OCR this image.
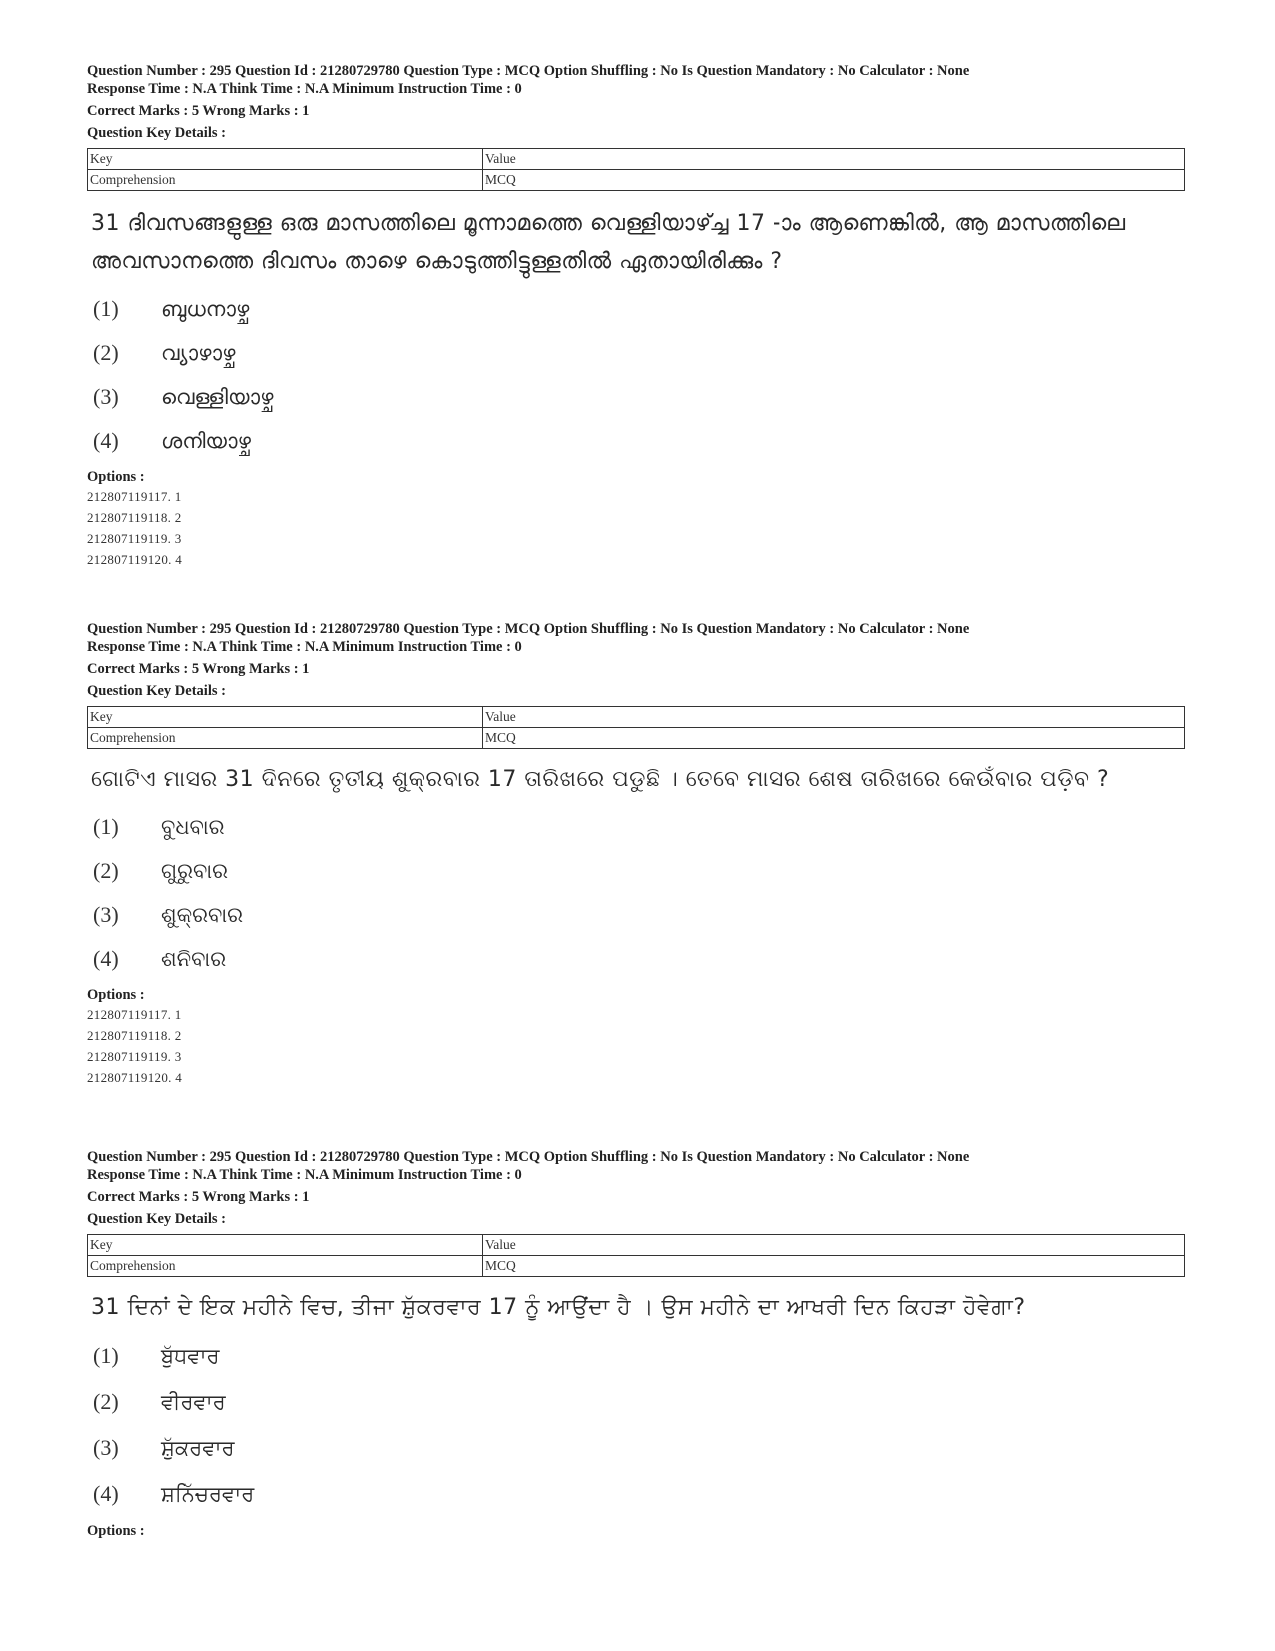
Question Number : 295 Question Id : 21280729780 Question Type : MCQ Option Shuffling : No Is Question Mandatory : No Calculator : None
Response Time : N.A Think Time : N.A Minimum Instruction Time : 0
Correct Marks : 5 Wrong Marks : 1
Question Key Details :
Key	Value
Comprehension	MCQ
31 ദിവസങ്ങളുള്ള ഒരു മാസത്തിലെ മൂന്നാമത്തെ വെള്ളിയാഴ്ച്ച 17 -ാം ആണെങ്കിൽ, ആ മാസത്തിലെ അവസാനത്തെ ദിവസം താഴെ കൊടുത്തിട്ടുള്ളതിൽ ഏതായിരിക്കും ?
(1)	ബുധനാഴ്ച
(2)	വ്യാഴാഴ്ച
(3)	വെള്ളിയാഴ്ച
(4)	ശനിയാഴ്ച
Options :
212807119117. 1
212807119118. 2
212807119119. 3
212807119120. 4
Question Number : 295 Question Id : 21280729780 Question Type : MCQ Option Shuffling : No Is Question Mandatory : No Calculator : None
Response Time : N.A Think Time : N.A Minimum Instruction Time : 0
Correct Marks : 5 Wrong Marks : 1
Question Key Details :
Key	Value
Comprehension	MCQ
ଗୋଟିଏ ମାସର 31 ଦିନରେ ତୃତୀୟ ଶୁକ୍ରବାର 17 ତାରିଖରେ ପଡୁଛି । ତେବେ ମାସର ଶେଷ ତାରିଖରେ କେଉଁବାର ପଡ଼ିବ ?
(1)	ବୁଧବାର
(2)	ଗୁରୁବାର
(3)	ଶୁକ୍ରବାର
(4)	ଶନିବାର
Options :
212807119117. 1
212807119118. 2
212807119119. 3
212807119120. 4
Question Number : 295 Question Id : 21280729780 Question Type : MCQ Option Shuffling : No Is Question Mandatory : No Calculator : None
Response Time : N.A Think Time : N.A Minimum Instruction Time : 0
Correct Marks : 5 Wrong Marks : 1
Question Key Details :
Key	Value
Comprehension	MCQ
31 ਦਿਨਾਂ ਦੇ ਇਕ ਮਹੀਨੇ ਵਿਚ, ਤੀਜਾ ਸ਼ੁੱਕਰਵਾਰ 17 ਨੂੰ ਆਉਂਦਾ ਹੈ । ਉਸ ਮਹੀਨੇ ਦਾ ਆਖਰੀ ਦਿਨ ਕਿਹੜਾ ਹੋਵੇਗਾ?
(1)	ਬੁੱਧਵਾਰ
(2)	ਵੀਰਵਾਰ
(3)	ਸ਼ੁੱਕਰਵਾਰ
(4)	ਸ਼ਨਿੱਚਰਵਾਰ
Options :
